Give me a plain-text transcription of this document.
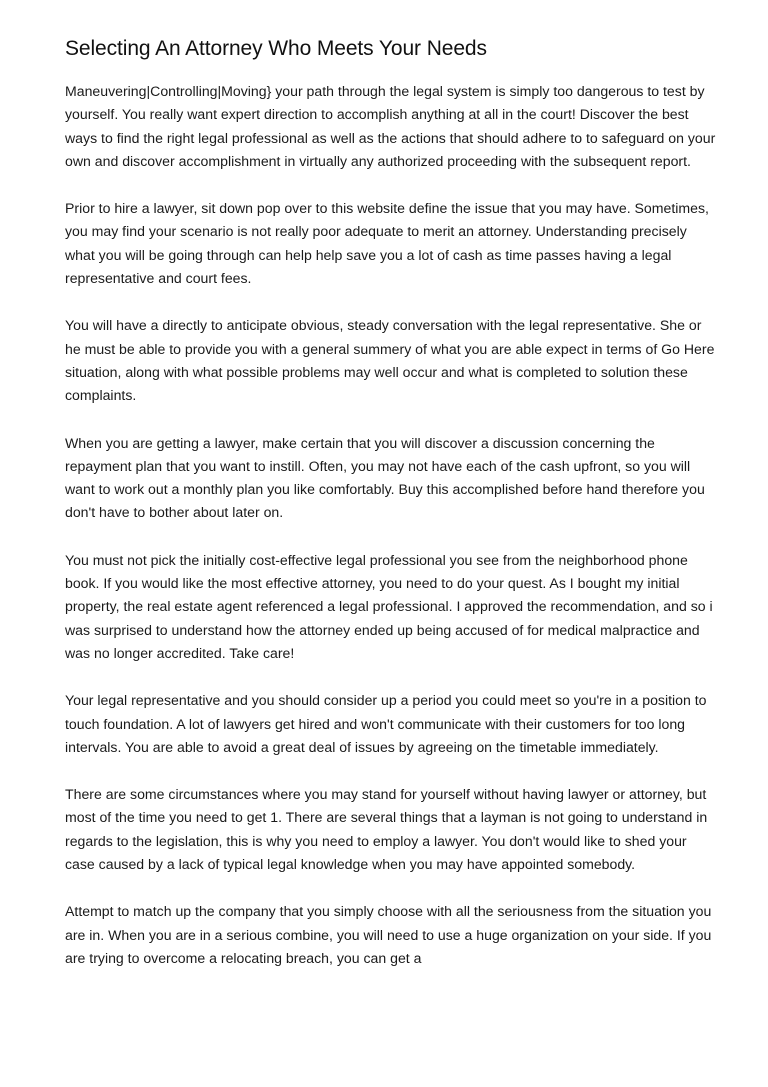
Selecting An Attorney Who Meets Your Needs

Maneuvering|Controlling|Moving} your path through the legal system is simply too dangerous to test by yourself. You really want expert direction to accomplish anything at all in the court! Discover the best ways to find the right legal professional as well as the actions that should adhere to to safeguard on your own and discover accomplishment in virtually any authorized proceeding with the subsequent report.

Prior to hire a lawyer, sit down pop over to this website define the issue that you may have. Sometimes, you may find your scenario is not really poor adequate to merit an attorney. Understanding precisely what you will be going through can help help save you a lot of cash as time passes having a legal representative and court fees.

You will have a directly to anticipate obvious, steady conversation with the legal representative. She or he must be able to provide you with a general summery of what you are able expect in terms of Go Here situation, along with what possible problems may well occur and what is completed to solution these complaints.

When you are getting a lawyer, make certain that you will discover a discussion concerning the repayment plan that you want to instill. Often, you may not have each of the cash upfront, so you will want to work out a monthly plan you like comfortably. Buy this accomplished before hand therefore you don't have to bother about later on.

You must not pick the initially cost-effective legal professional you see from the neighborhood phone book. If you would like the most effective attorney, you need to do your quest. As I bought my initial property, the real estate agent referenced a legal professional. I approved the recommendation, and so i was surprised to understand how the attorney ended up being accused of for medical malpractice and was no longer accredited. Take care!

Your legal representative and you should consider up a period you could meet so you're in a position to touch foundation. A lot of lawyers get hired and won't communicate with their customers for too long intervals. You are able to avoid a great deal of issues by agreeing on the timetable immediately.

There are some circumstances where you may stand for yourself without having lawyer or attorney, but most of the time you need to get 1. There are several things that a layman is not going to understand in regards to the legislation, this is why you need to employ a lawyer. You don't would like to shed your case caused by a lack of typical legal knowledge when you may have appointed somebody.

Attempt to match up the company that you simply choose with all the seriousness from the situation you are in. When you are in a serious combine, you will need to use a huge organization on your side. If you are trying to overcome a relocating breach, you can get a
